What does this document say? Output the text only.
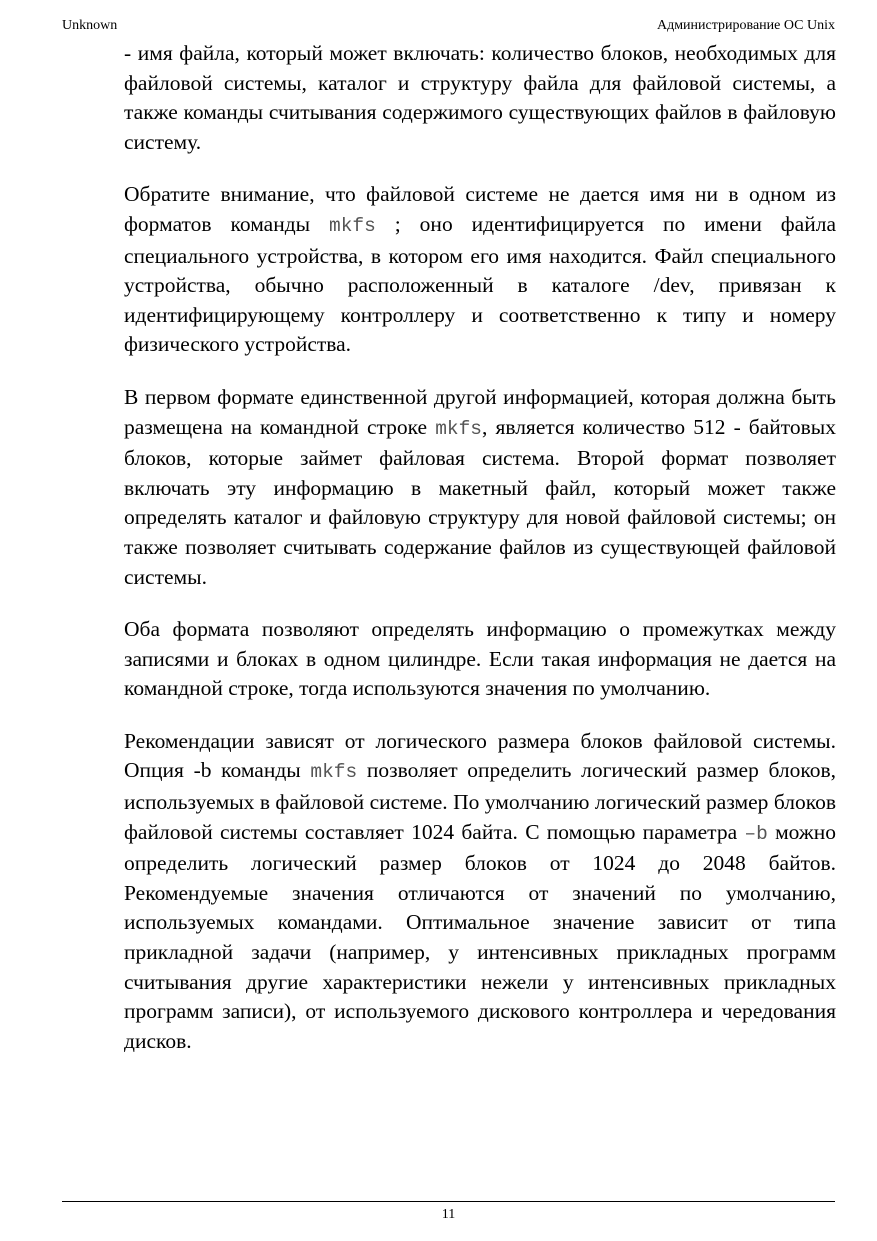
Unknown	Администрирование ОС Unix

- имя файла, который может включать: количество блоков, необходимых для файловой системы, каталог и структуру файла для файловой системы, а также команды считывания содержимого существующих файлов в файловую систему.

Обратите внимание, что файловой системе не дается имя ни в одном из форматов команды mkfs ; оно идентифицируется по имени файла специального устройства, в котором его имя находится. Файл специального устройства, обычно расположенный в каталоге /dev, привязан к идентифицирующему контроллеру и соответственно к типу и номеру физического устройства.

В первом формате единственной другой информацией, которая должна быть размещена на командной строке mkfs, является количество 512 - байтовых блоков, которые займет файловая система. Второй формат позволяет включать эту информацию в макетный файл, который может также определять каталог и файловую структуру для новой файловой системы; он также позволяет считывать содержание файлов из существующей файловой системы.

Оба формата позволяют определять информацию о промежутках между записями и блоках в одном цилиндре. Если такая информация не дается на командной строке, тогда используются значения по умолчанию.

Рекомендации зависят от логического размера блоков файловой системы. Опция -b команды mkfs позволяет определить логический размер блоков, используемых в файловой системе. По умолчанию логический размер блоков файловой системы составляет 1024 байта. С помощью параметра –b можно определить логический размер блоков от 1024 до 2048 байтов. Рекомендуемые значения отличаются от значений по умолчанию, используемых командами. Оптимальное значение зависит от типа прикладной задачи (например, у интенсивных прикладных программ считывания другие характеристики нежели у интенсивных прикладных программ записи), от используемого дискового контроллера и чередования дисков.

11
